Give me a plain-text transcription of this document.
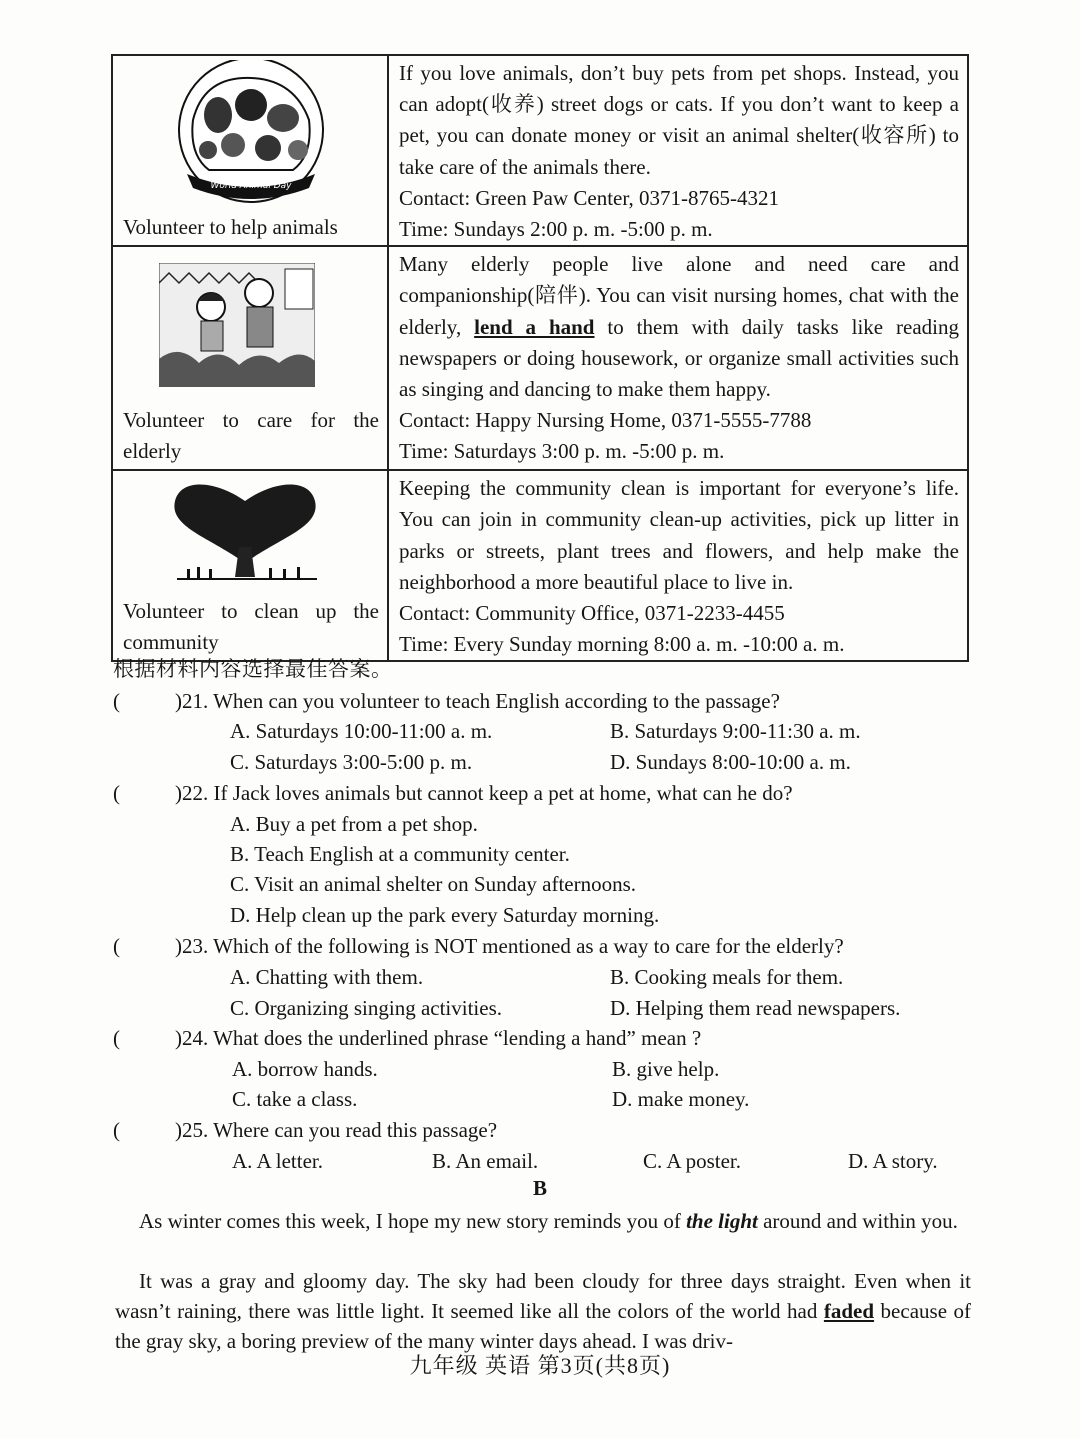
World Animal Day
Volunteer to help animals	If you love animals, don’t buy pets from pet shops. Instead, you can adopt(收养) street dogs or cats. If you don’t want to keep a pet, you can donate money or visit an animal shelter(收容所) to take care of the animals there.
Contact: Green Paw Center, 0371-8765-4321
Time: Sundays 2:00 p. m. -5:00 p. m.

Volunteer to care for the elderly	Many elderly people live alone and need care and companionship(陪伴). You can visit nursing homes, chat with the elderly, lend a hand to them with daily tasks like reading newspapers or doing housework, or organize small activities such as singing and dancing to make them happy.
Contact: Happy Nursing Home, 0371-5555-7788
Time: Saturdays 3:00 p. m. -5:00 p. m.

Volunteer to clean up the community	Keeping the community clean is important for everyone’s life. You can join in community clean-up activities, pick up litter in parks or streets, plant trees and flowers, and help make the neighborhood a more beautiful place to live in.
Contact: Community Office, 0371-2233-4455
Time: Every Sunday morning 8:00 a. m. -10:00 a. m.
根据材料内容选择最佳答案。
(	)21. When can you volunteer to teach English according to the passage?
A. Saturdays 10:00-11:00 a. m.	B. Saturdays 9:00-11:30 a. m.
C. Saturdays 3:00-5:00 p. m.	D. Sundays 8:00-10:00 a. m.
(	)22. If Jack loves animals but cannot keep a pet at home, what can he do?
A. Buy a pet from a pet shop.
B. Teach English at a community center.
C. Visit an animal shelter on Sunday afternoons.
D. Help clean up the park every Saturday morning.
(	)23. Which of the following is NOT mentioned as a way to care for the elderly?
A. Chatting with them.	B. Cooking meals for them.
C. Organizing singing activities.	D. Helping them read newspapers.
(	)24. What does the underlined phrase “lending a hand” mean ?
A. borrow hands.	B. give help.
C. take a class.	D. make money.
(	)25. Where can you read this passage?
A. A letter.	B. An email.	C. A poster.	D. A story.
B
As winter comes this week, I hope my new story reminds you of the light around and within you.
It was a gray and gloomy day. The sky had been cloudy for three days straight. Even when it wasn’t raining, there was little light. It seemed like all the colors of the world had faded because of the gray sky, a boring preview of the many winter days ahead. I was driv-
九年级 英语 第3页(共8页)
